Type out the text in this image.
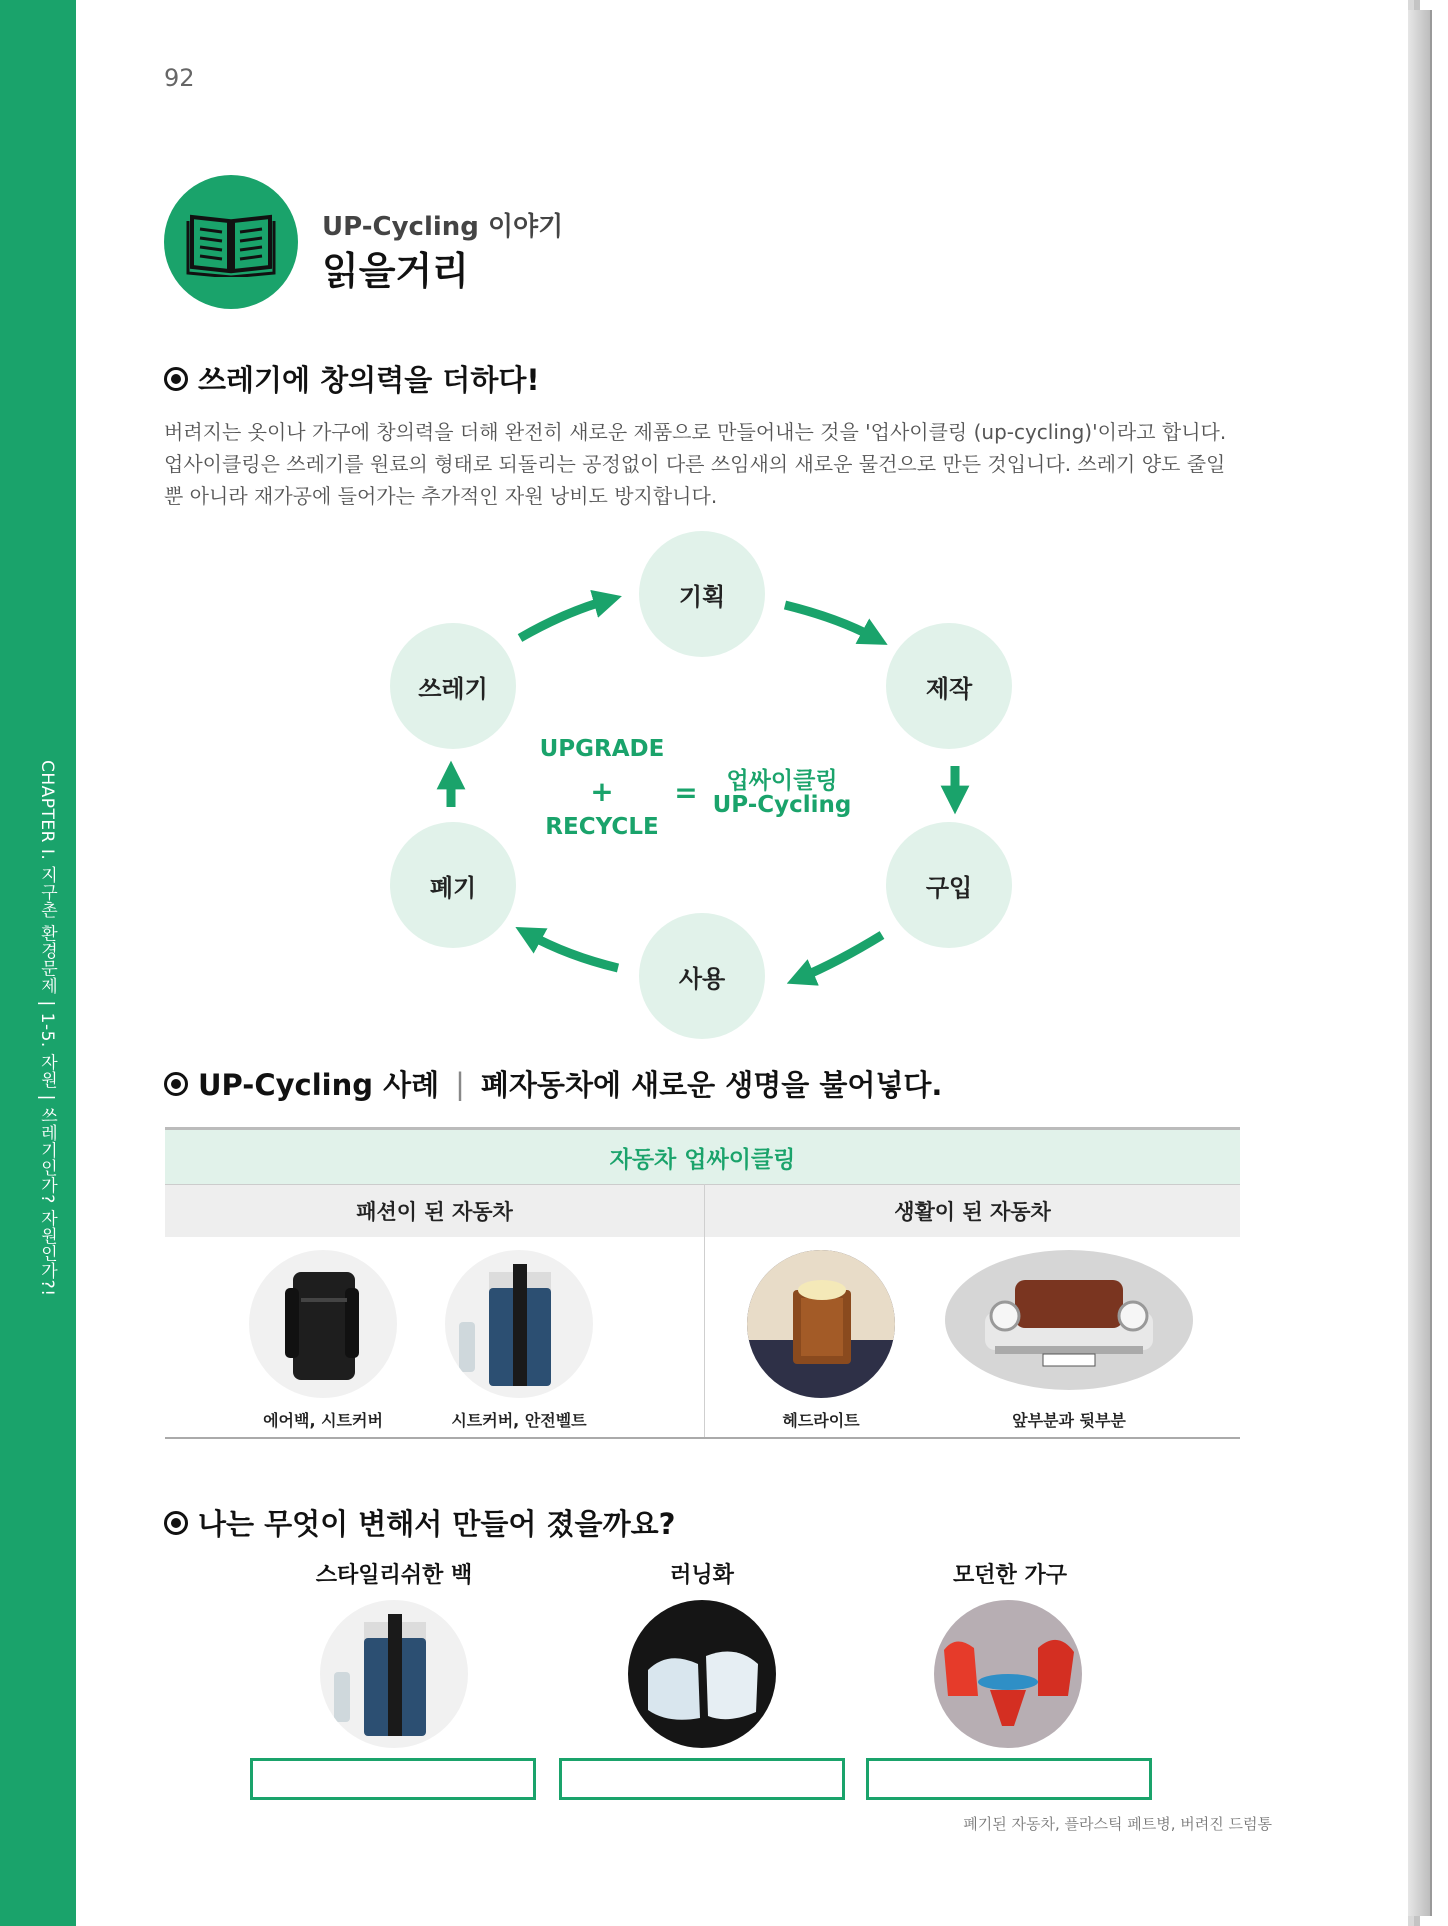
CHAPTER I. 지구촌 환경문제 | 1-5. 자원 | 쓰레기인가? 자원인가?!
92
UP-Cycling 이야기
읽을거리
쓰레기에 창의력을 더하다!
버려지는 옷이나 가구에 창의력을 더해 완전히 새로운 제품으로 만들어내는 것을 '업사이클링 (up-cycling)'이라고 합니다. 업사이클링은 쓰레기를 원료의 형태로 되돌리는 공정없이 다른 쓰임새의 새로운 물건으로 만든 것입니다. 쓰레기 양도 줄일 뿐 아니라 재가공에 들어가는 추가적인 자원 낭비도 방지합니다.
기획
제작
구입
사용
폐기
쓰레기
UPGRADE
+
RECYCLE
=	업싸이클링
UP-Cycling
UP-Cycling 사례 | 폐자동차에 새로운 생명을 불어넣다.
자동차 업싸이클링	
패션이 된 자동차	생활이 된 자동차

에어백, 시트커버	시트커버, 안전벨트	헤드라이트	앞부분과 뒷부분
나는 무엇이 변해서 만들어 졌을까요?
스타일리쉬한 백	러닝화	모던한 가구
폐기된 자동차, 플라스틱 페트병, 버려진 드럼통
